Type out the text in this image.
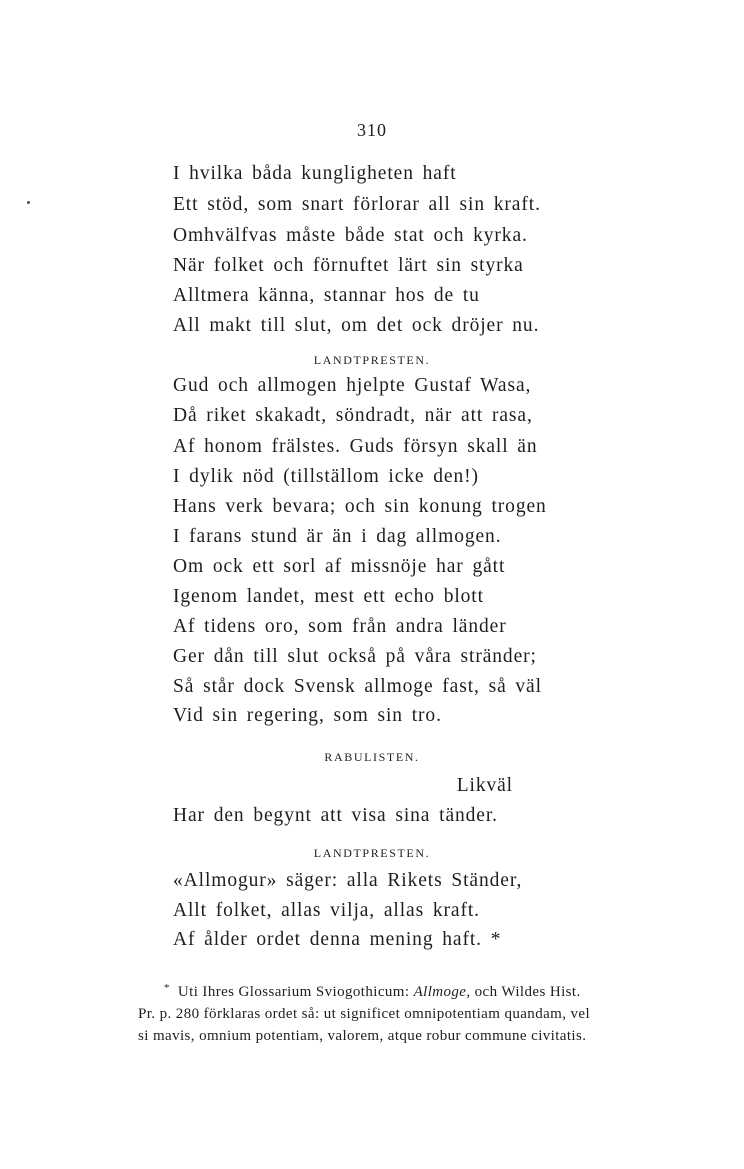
310
I hvilka båda kungligheten haft
Ett stöd, som snart förlorar all sin kraft.
Omhvälfvas måste både stat och kyrka.
När folket och förnuftet lärt sin styrka
Alltmera känna, stannar hos de tu
All makt till slut, om det ock dröjer nu.
LANDTPRESTEN.
Gud och allmogen hjelpte Gustaf Wasa,
Då riket skakadt, söndradt, när att rasa,
Af honom frälstes. Guds försyn skall än
I dylik nöd (tillställom icke den!)
Hans verk bevara; och sin konung trogen
I farans stund är än i dag allmogen.
Om ock ett sorl af missnöje har gått
Igenom landet, mest ett echo blott
Af tidens oro, som från andra länder
Ger dån till slut också på våra stränder;
Så står dock Svensk allmoge fast, så väl
Vid sin regering, som sin tro.
RABULISTEN.
Likväl
Har den begynt att visa sina tänder.
LANDTPRESTEN.
«Allmogur» säger: alla Rikets Ständer,
Allt folket, allas vilja, allas kraft.
Af ålder ordet denna mening haft. *
* Uti Ihres Glossarium Sviogothicum: Allmoge, och Wildes Hist.
Pr. p. 280 förklaras ordet så: ut significet omnipotentiam quandam, vel
si mavis, omnium potentiam, valorem, atque robur commune civitatis.
